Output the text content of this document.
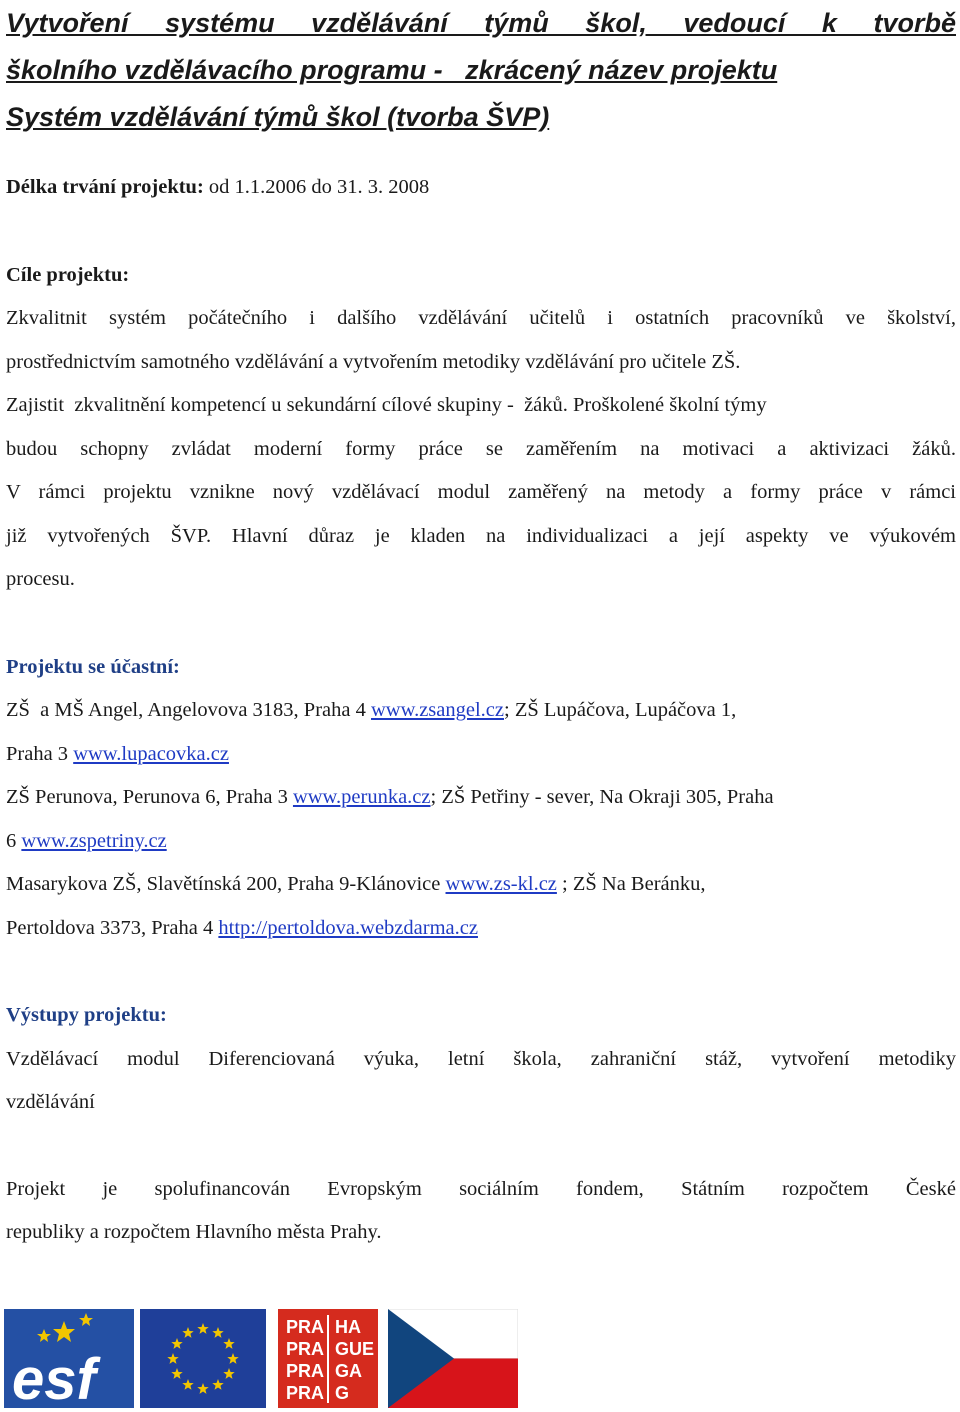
Vytvoření systému vzdělávání týmů škol, vedoucí k tvorbě
školního vzdělávacího programu -   zkrácený název projektu
Systém vzdělávání týmů škol (tvorba ŠVP)

Délka trvání projektu: od 1.1.2006 do 31. 3. 2008

Cíle projektu:

Zkvalitnit systém počátečního i dalšího vzdělávání učitelů i ostatních pracovníků ve školství,
prostřednictvím samotného vzdělávání a vytvořením metodiky vzdělávání pro učitele ZŠ.
Zajistit  zkvalitnění kompetencí u sekundární cílové skupiny -  žáků. Proškolené školní týmy
budou schopny zvládat moderní formy práce se zaměřením na motivaci a aktivizaci žáků.
V rámci projektu vznikne nový vzdělávací modul zaměřený na metody a formy práce v rámci
již vytvořených ŠVP. Hlavní důraz je kladen na individualizaci a její aspekty ve výukovém
procesu.

Projektu se účastní:

ZŠ  a MŠ Angel, Angelovova 3183, Praha 4 www.zsangel.cz; ZŠ Lupáčova, Lupáčova 1,
Praha 3 www.lupacovka.cz
ZŠ Perunova, Perunova 6, Praha 3 www.perunka.cz; ZŠ Petřiny - sever, Na Okraji 305, Praha
6 www.zspetriny.cz
Masarykova ZŠ, Slavětínská 200, Praha 9-Klánovice www.zs-kl.cz ; ZŠ Na Beránku,
Pertoldova 3373, Praha 4 http://pertoldova.webzdarma.cz

Výstupy projektu:

Vzdělávací modul Diferenciovaná výuka, letní škola, zahraniční stáž, vytvoření metodiky
vzdělávání
Projekt je spolufinancován Evropským sociálním fondem, Státním rozpočtem České
republiky a rozpočtem Hlavního města Prahy.
esf
PRA HA
PRA GUE
PRA GA
PRA G
